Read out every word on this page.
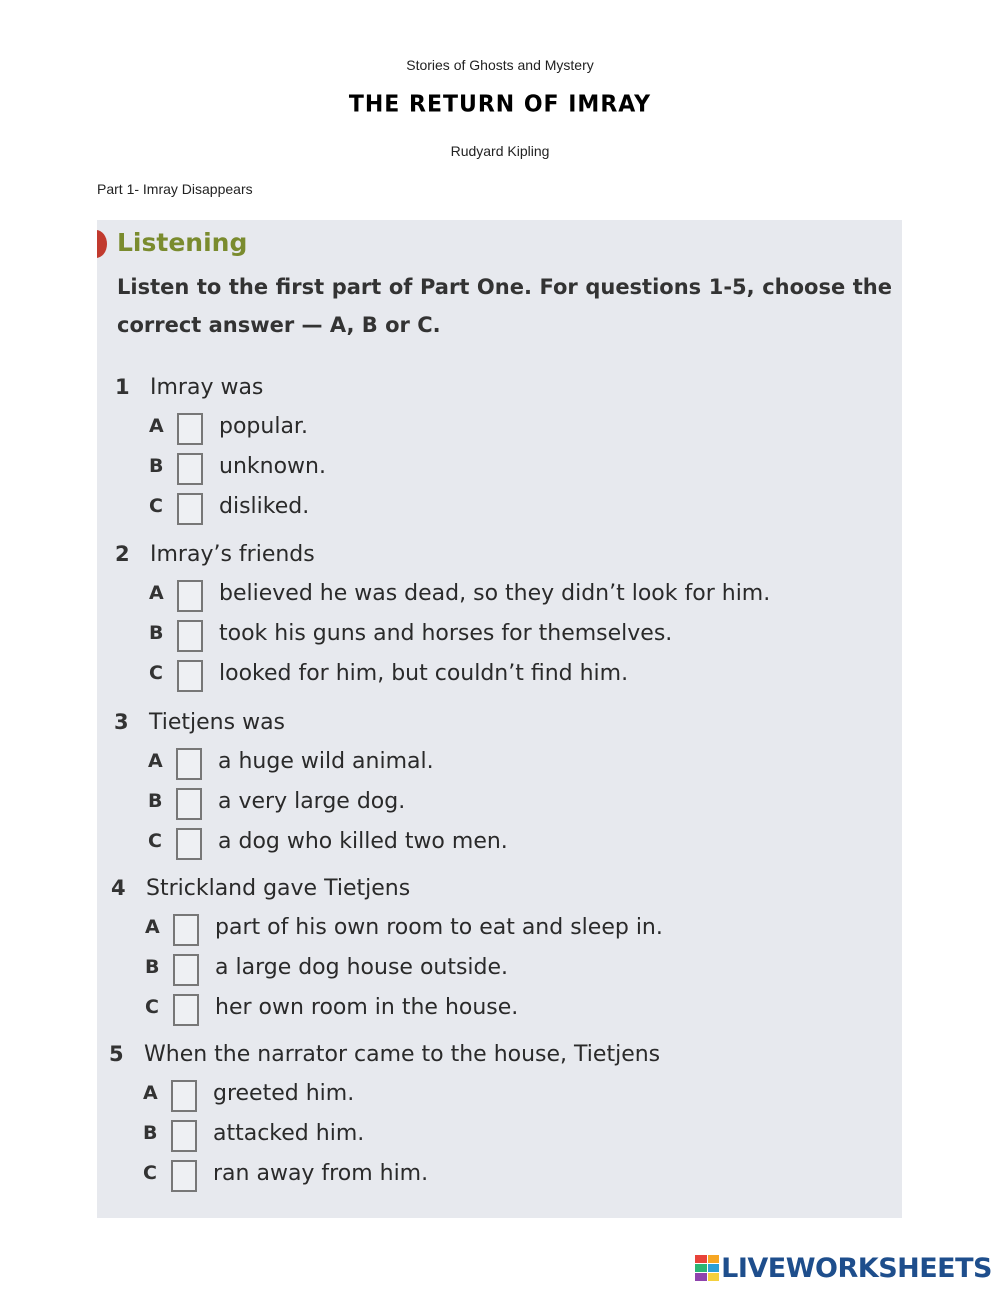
Stories of Ghosts and Mystery
THE RETURN OF IMRAY
Rudyard Kipling
Part 1- Imray Disappears
Listening
Listen to the first part of Part One. For questions 1-5, choose the
correct answer — A, B or C.
1 Imray was
A	popular.
B	unknown.
C	disliked.
2 Imray’s friends
A	believed he was dead, so they didn’t look for him.
B	took his guns and horses for themselves.
C	looked for him, but couldn’t find him.
3 Tietjens was
A	a huge wild animal.
B	a very large dog.
C	a dog who killed two men.
4 Strickland gave Tietjens
A	part of his own room to eat and sleep in.
B	a large dog house outside.
C	her own room in the house.
5 When the narrator came to the house, Tietjens
A	greeted him.
B	attacked him.
C	ran away from him.
LIVEWORKSHEETS
